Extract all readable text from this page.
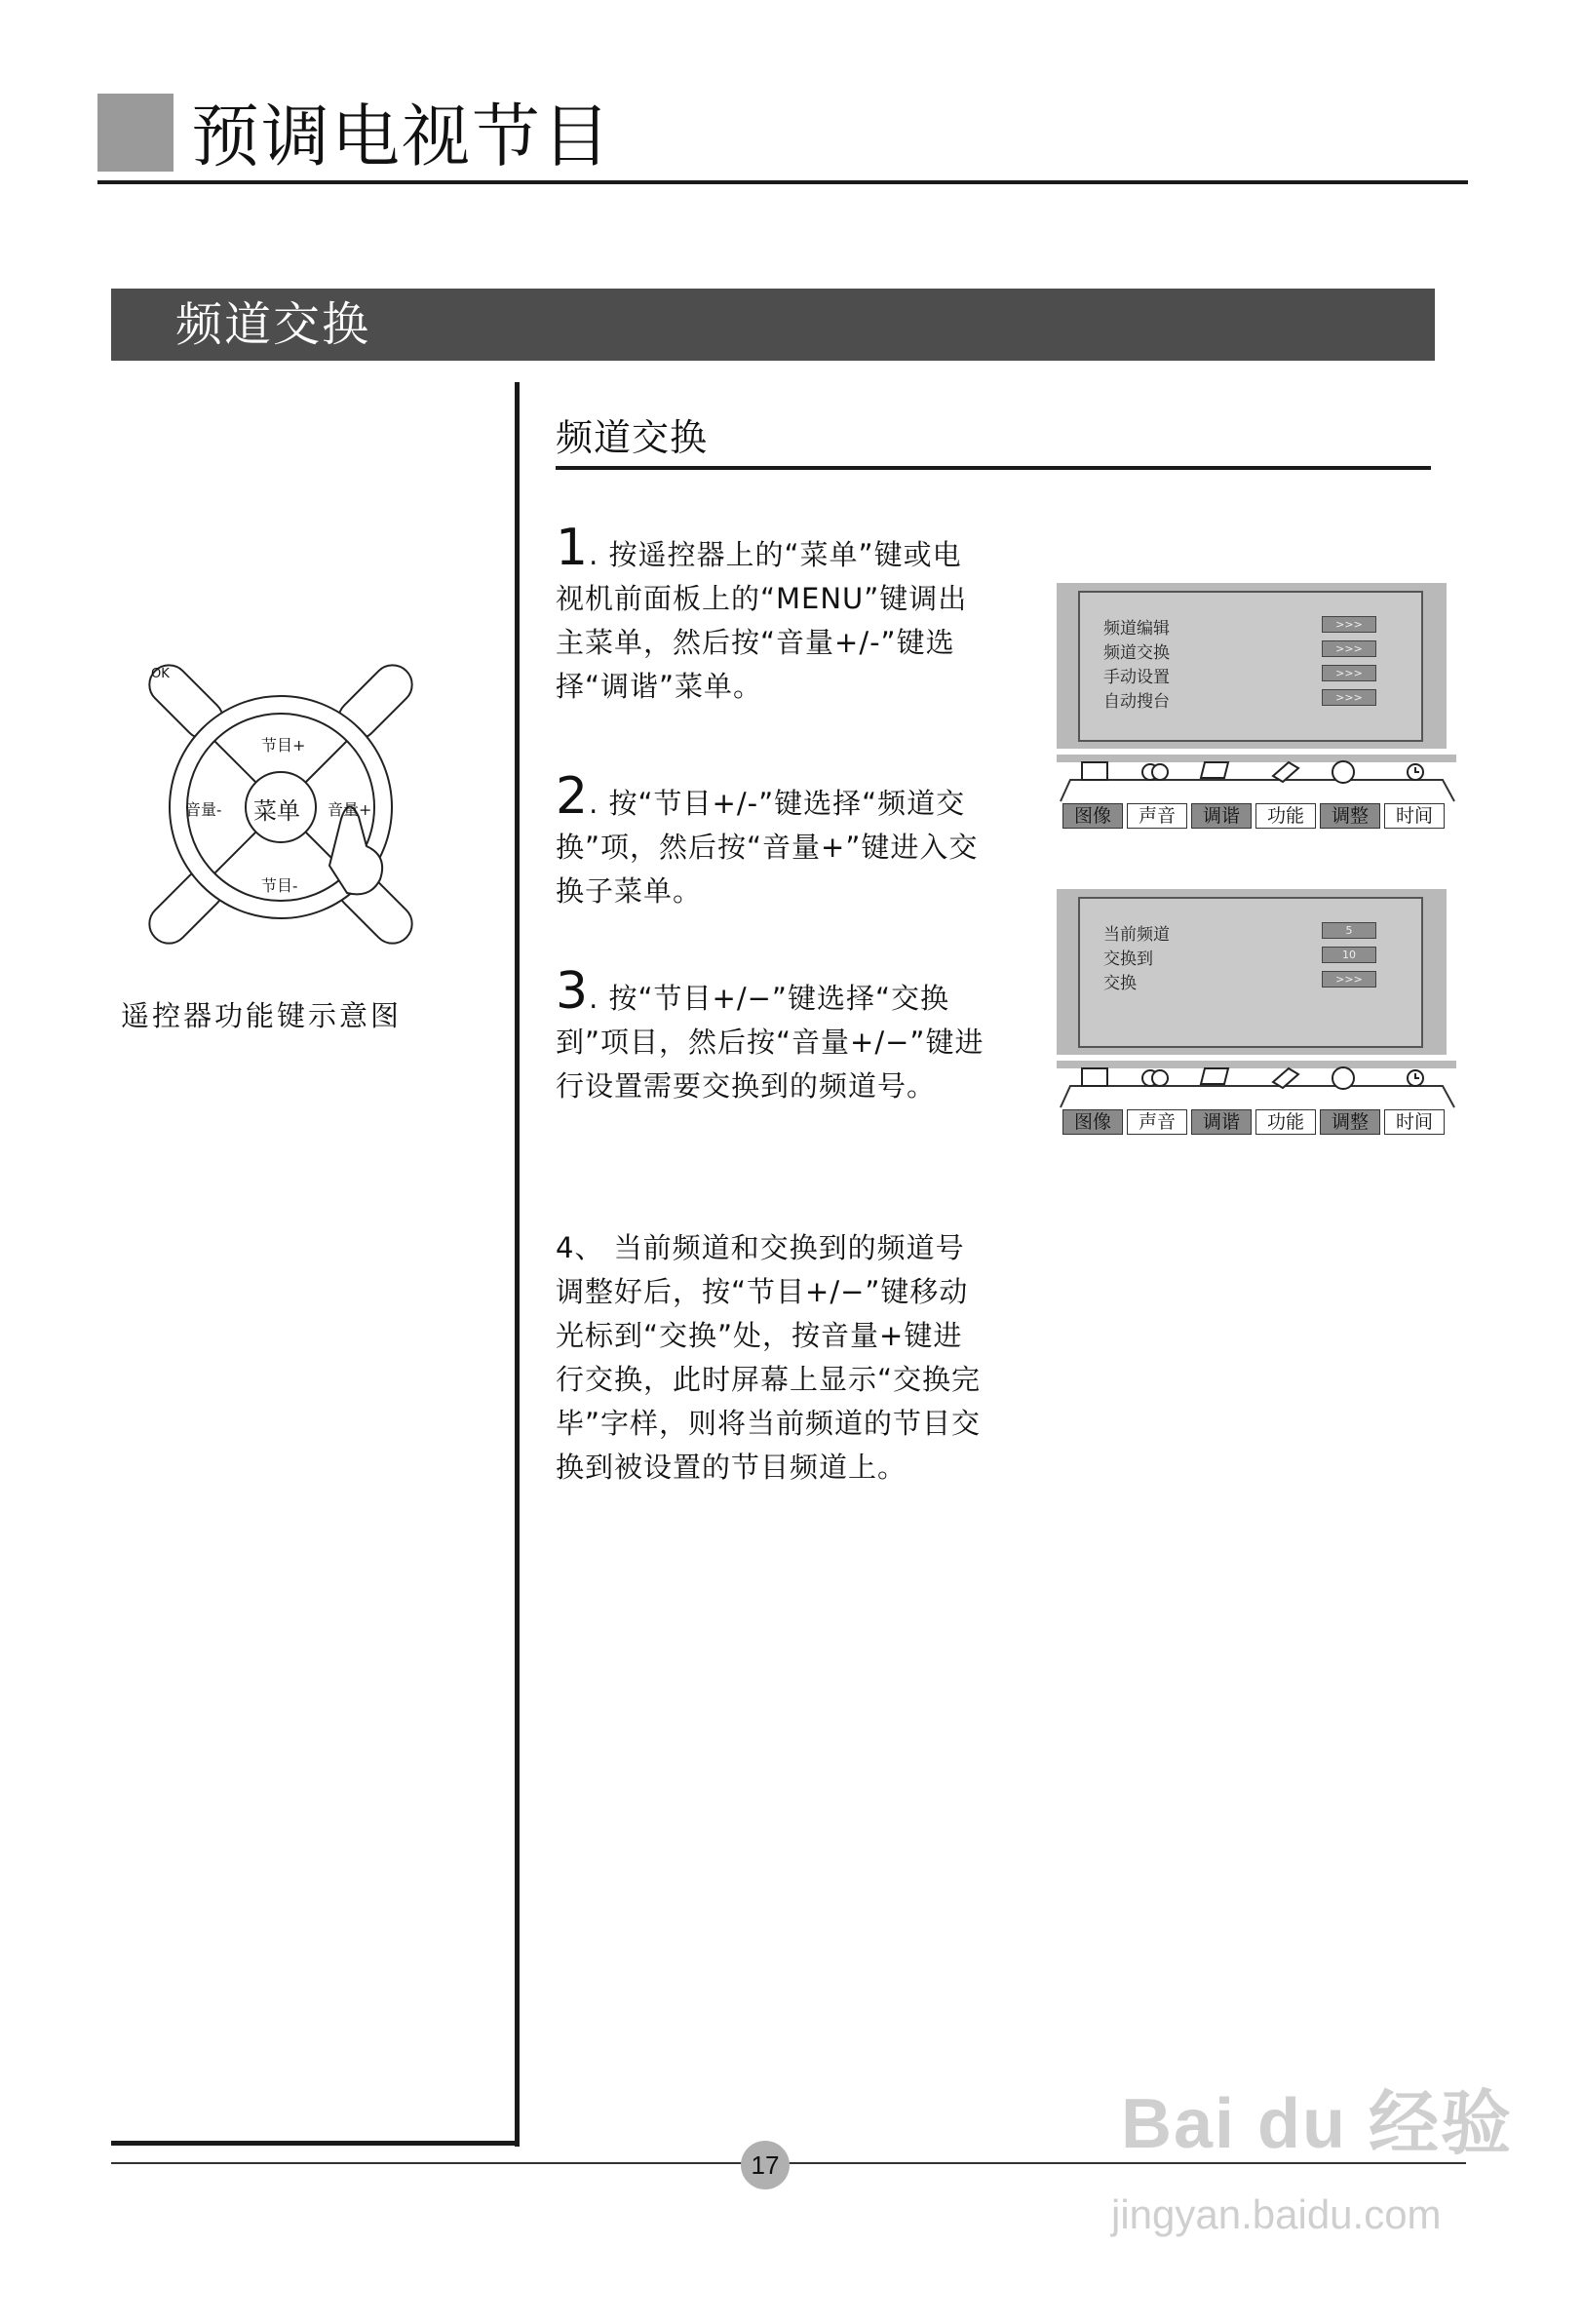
预调电视节目
频道交换
OK
节目+
节目-
音量-	音量+
菜单
遥控器功能键示意图
频道交换

1. 按遥控器上的“菜单”键或电视机前面板上的“MENU”键调出主菜单，然后按“音量+/-”键选择“调谐”菜单。

2. 按“节目+/-”键选择“频道交换”项，然后按“音量+”键进入交换子菜单。

3. 按“节目+/−”键选择“交换到”项目，然后按“音量+/−”键进行设置需要交换到的频道号。

4、 当前频道和交换到的频道号调整好后，按“节目+/−”键移动光标到“交换”处，按音量+键进行交换，此时屏幕上显示“交换完毕”字样，则将当前频道的节目交换到被设置的节目频道上。

频道编辑	>>>
频道交换	>>>
手动设置	>>>
自动搜台	>>>
图像	声音	调谐	功能	调整	时间
当前频道	5
交换到	10
交换	>>>
图像	声音	调谐	功能	调整	时间
17
Bai du 经验
jingyan.baidu.com
